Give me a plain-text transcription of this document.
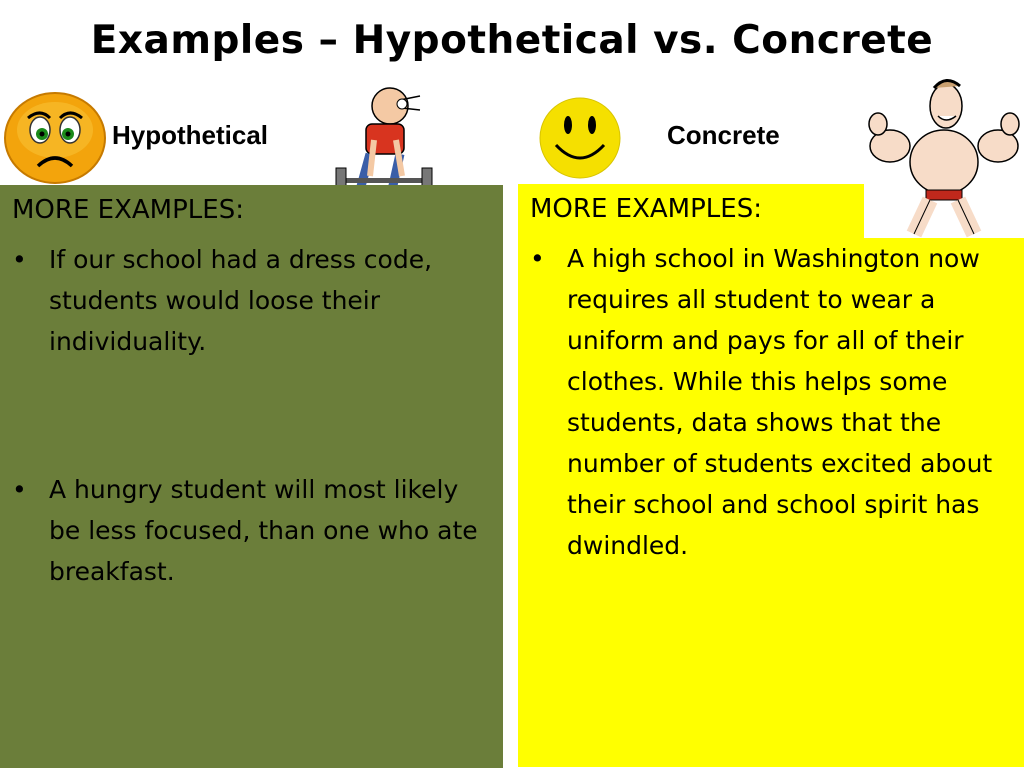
Examples – Hypothetical vs. Concrete
Hypothetical	Concrete
MORE EXAMPLES:
• If our school had a dress code, students would loose their individuality.
• A hungry student will most likely be less focused, than one who ate breakfast.
MORE EXAMPLES:
• A high school in Washington now requires all student to wear a uniform and pays for all of their clothes. While this helps some students, data shows that the number of students excited about their school and school spirit has dwindled.
